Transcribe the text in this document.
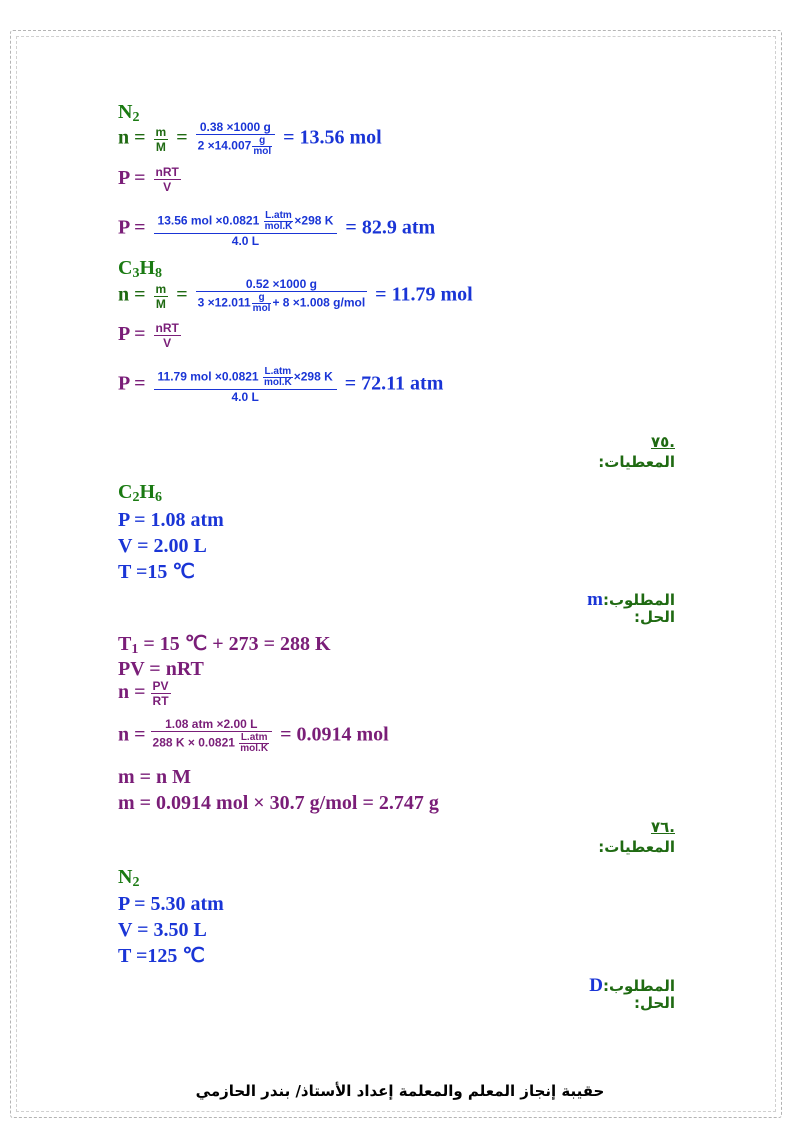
$N_2$
$n = \frac{m}{M} = \frac{0.38 \times 1000 g}{2 \times 14.007 \frac{g}{\text{mol}}} = 13.56$ mol
$P = \frac{\text{nRT}}{V}$
$P = \frac{13.56 mol \times 0.0821 \frac{\text{L.atm}}{\text{mol.K}} \times 298 K}{4.0 L} = 82.9$ atm
$C_3H_8$
$n = \frac{m}{M} = \frac{0.52 \times 1000 g}{3 \times 12.011 \frac{g}{\text{mol}} + 8 \times 1.008 g/mol} = 11.79$ mol
$P = \frac{\text{nRT}}{V}$
$P = \frac{11.79 mol \times 0.0821 \frac{\text{L.atm}}{\text{mol.K}} \times 298 K}{4.0 L} = 72.11$ atm
.٧٥
المعطيات:
$C_2H_6$
P = 1.08 atm
V = 2.00 L
T =15 ℃
المطلوب:m
الحل:
$T_1 = 15$ ℃ + 273 = 288 K
PV = nRT
$n = \frac{PV}{RT}$
$n = \frac{\text{1.08 atm ×2.00 L}}{288 K \times 0.0821 \frac{\text{L.atm}}{\text{mol.K}}} = 0.0914$ mol
m = n M
m = 0.0914 mol × 30.7 g/mol = 2.747 g
.٧٦
المعطيات:
$N_2$
P = 5.30 atm
V = 3.50 L
T =125 ℃
المطلوب:D
الحل:
حقيبة إنجاز المعلم والمعلمة إعداد الأستاذ/ بندر الحازمي
